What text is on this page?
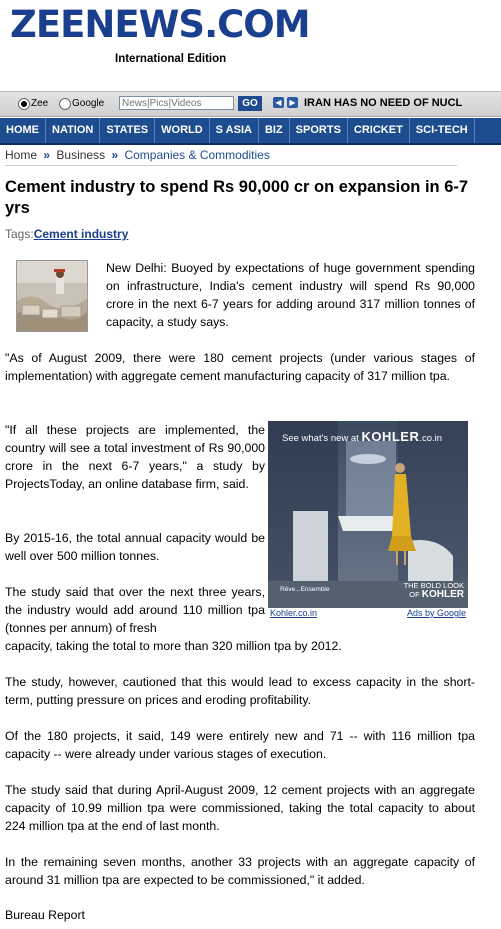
ZEENEWS.COM
International Edition
Zee Google
News|Pics|Videos	GO	◀ ▶ IRAN HAS NO NEED OF NUCL
HOME	NATION	STATES	WORLD	S ASIA	BIZ	SPORTS	CRICKET	SCI-TECH
Home » Business » Companies & Commodities
Cement industry to spend Rs 90,000 cr on expansion in 6-7 yrs
Tags:Cement industry
New Delhi: Buoyed by expectations of huge government spending on infrastructure, India's cement industry will spend Rs 90,000 crore in the next 6-7 years for adding around 317 million tonnes of capacity, a study says.
"As of August 2009, there were 180 cement projects (under various stages of implementation) with aggregate cement manufacturing capacity of 317 million tpa.
"If all these projects are implemented, the country will see a total investment of Rs 90,000 crore in the next 6-7 years," a study by ProjectsToday, an online database firm, said.
By 2015-16, the total annual capacity would be well over 500 million tonnes.
The study said that over the next three years, the industry would add around 110 million tpa (tonnes per annum) of fresh
capacity, taking the total to more than 320 million tpa by 2012.
The study, however, cautioned that this would lead to excess capacity in the short-term, putting pressure on prices and eroding profitability.
Of the 180 projects, it said, 149 were entirely new and 71 -- with 116 million tpa capacity -- were already under various stages of execution.
The study said that during April-August 2009, 12 cement projects with an aggregate capacity of 10.99 million tpa were commissioned, taking the total capacity to about 224 million tpa at the end of last month.
In the remaining seven months, another 33 projects with an aggregate capacity of around 31 million tpa are expected to be commissioned," it added.
Bureau Report
See what's new at KOHLER.co.in
Rêve...Ensemble	THE BOLD LOOK
OF KOHLER
Kohler.co.in	Ads by Google
